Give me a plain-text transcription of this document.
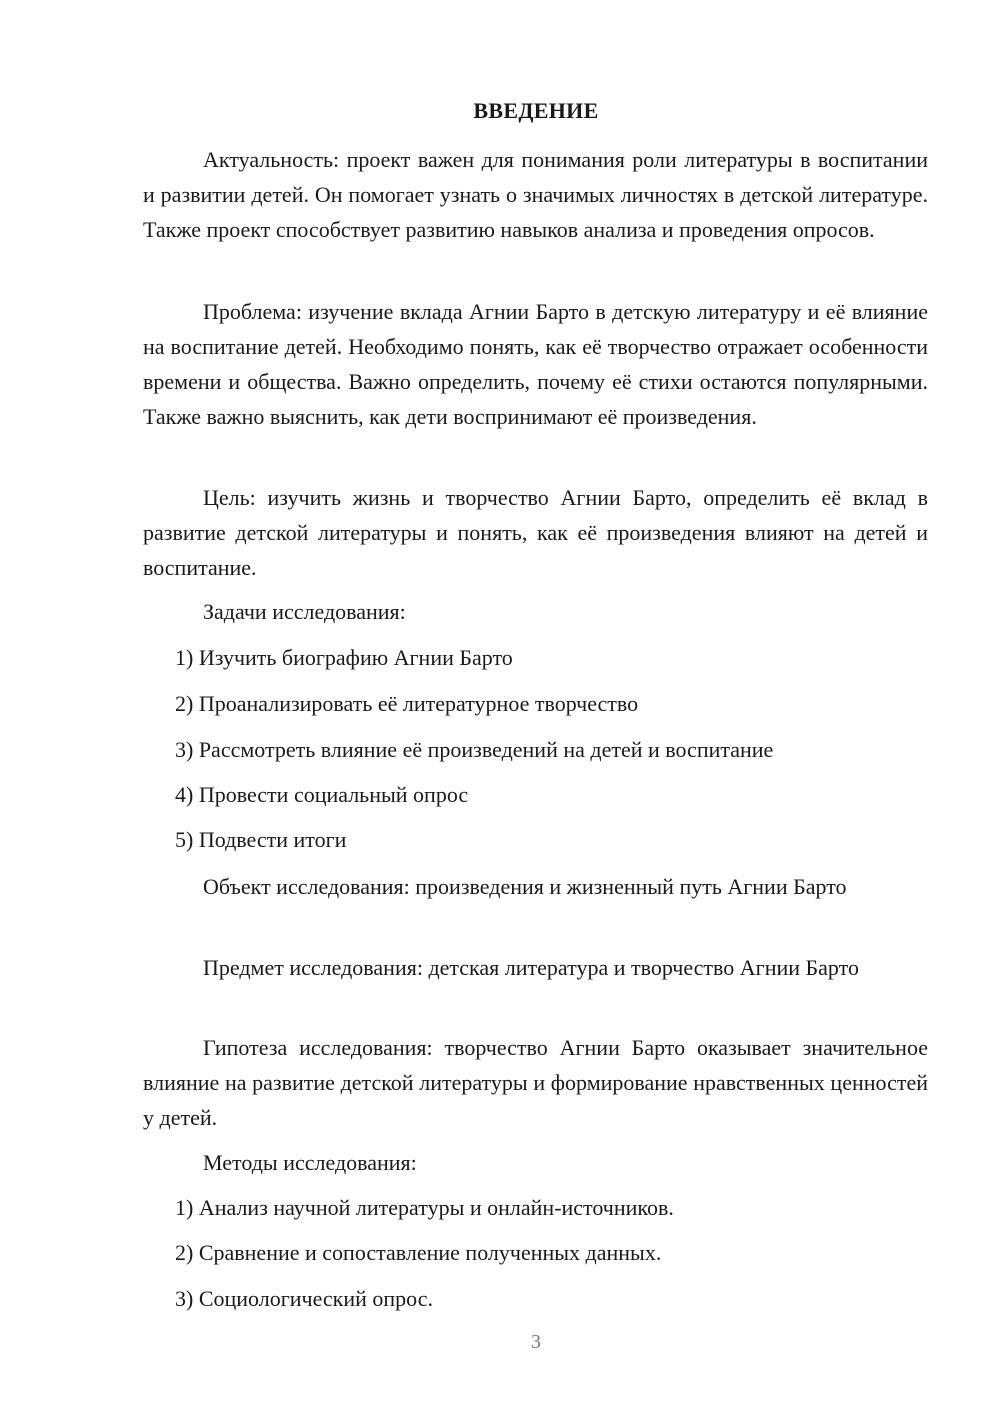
ВВЕДЕНИЕ
Актуальность: проект важен для понимания роли литературы в воспитании и развитии детей. Он помогает узнать о значимых личностях в детской литературе. Также проект способствует развитию навыков анализа и проведения опросов.
Проблема: изучение вклада Агнии Барто в детскую литературу и её влияние на воспитание детей. Необходимо понять, как её творчество отражает особенности времени и общества. Важно определить, почему её стихи остаются популярными. Также важно выяснить, как дети воспринимают её произведения.
Цель: изучить жизнь и творчество Агнии Барто, определить её вклад в развитие детской литературы и понять, как её произведения влияют на детей и воспитание.
Задачи исследования:
1) Изучить биографию Агнии Барто
2) Проанализировать её литературное творчество
3) Рассмотреть влияние её произведений на детей и воспитание
4) Провести социальный опрос
5) Подвести итоги
Объект исследования: произведения и жизненный путь Агнии Барто
Предмет исследования: детская литература и творчество Агнии Барто
Гипотеза исследования: творчество Агнии Барто оказывает значительное влияние на развитие детской литературы и формирование нравственных ценностей у детей.
Методы исследования:
1) Анализ научной литературы и онлайн-источников.
2) Сравнение и сопоставление полученных данных.
3) Социологический опрос.
3
